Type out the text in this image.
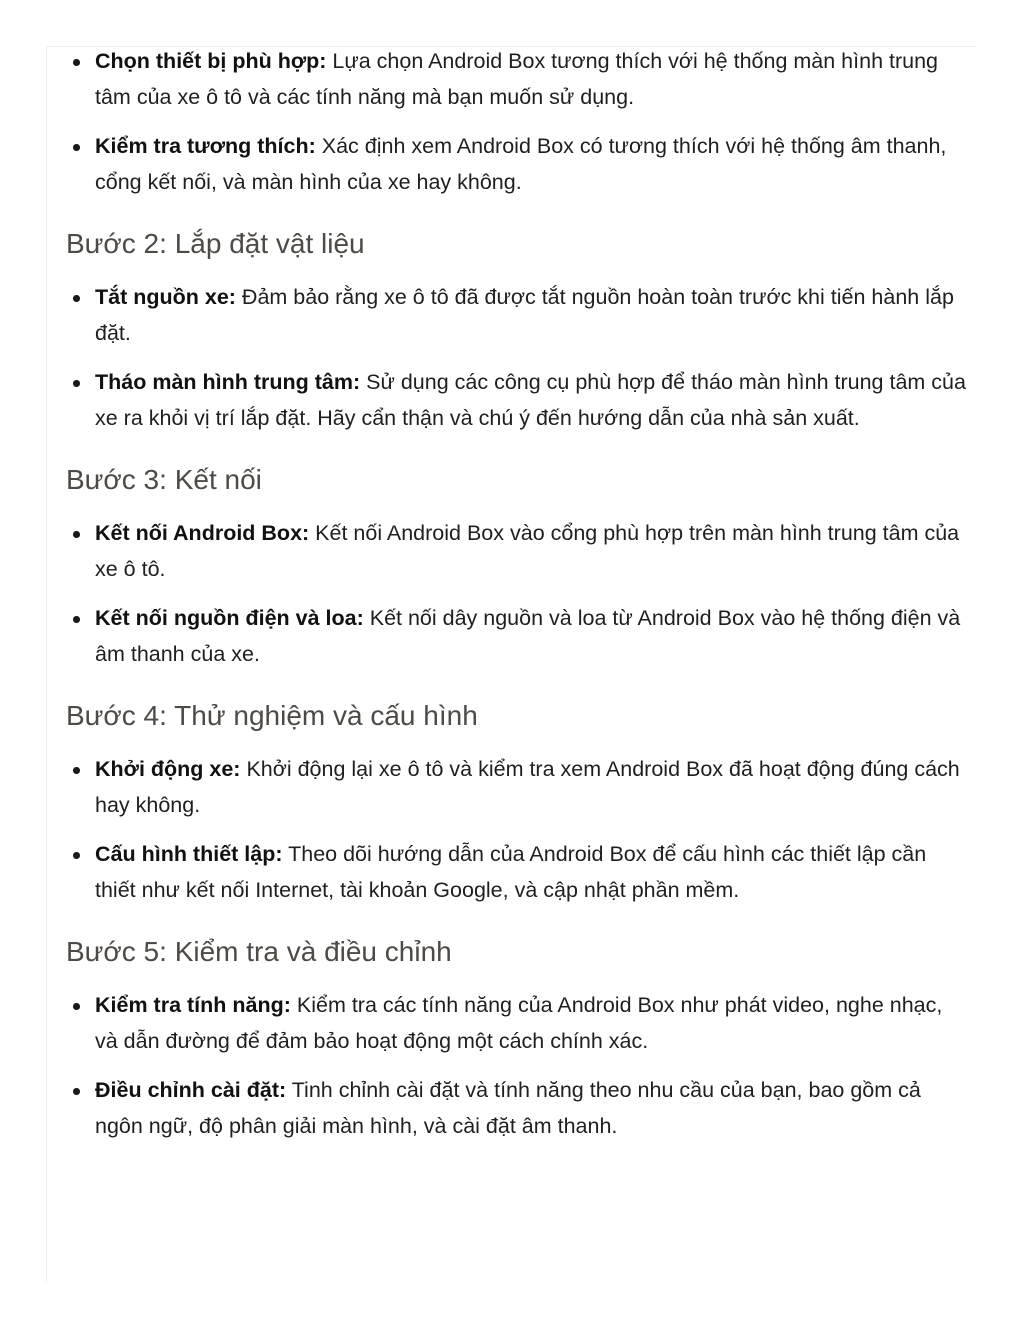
Chọn thiết bị phù hợp: Lựa chọn Android Box tương thích với hệ thống màn hình trung tâm của xe ô tô và các tính năng mà bạn muốn sử dụng.
Kiểm tra tương thích: Xác định xem Android Box có tương thích với hệ thống âm thanh, cổng kết nối, và màn hình của xe hay không.
Bước 2: Lắp đặt vật liệu
Tắt nguồn xe: Đảm bảo rằng xe ô tô đã được tắt nguồn hoàn toàn trước khi tiến hành lắp đặt.
Tháo màn hình trung tâm: Sử dụng các công cụ phù hợp để tháo màn hình trung tâm của xe ra khỏi vị trí lắp đặt. Hãy cẩn thận và chú ý đến hướng dẫn của nhà sản xuất.
Bước 3: Kết nối
Kết nối Android Box: Kết nối Android Box vào cổng phù hợp trên màn hình trung tâm của xe ô tô.
Kết nối nguồn điện và loa: Kết nối dây nguồn và loa từ Android Box vào hệ thống điện và âm thanh của xe.
Bước 4: Thử nghiệm và cấu hình
Khởi động xe: Khởi động lại xe ô tô và kiểm tra xem Android Box đã hoạt động đúng cách hay không.
Cấu hình thiết lập: Theo dõi hướng dẫn của Android Box để cấu hình các thiết lập cần thiết như kết nối Internet, tài khoản Google, và cập nhật phần mềm.
Bước 5: Kiểm tra và điều chỉnh
Kiểm tra tính năng: Kiểm tra các tính năng của Android Box như phát video, nghe nhạc, và dẫn đường để đảm bảo hoạt động một cách chính xác.
Điều chỉnh cài đặt: Tinh chỉnh cài đặt và tính năng theo nhu cầu của bạn, bao gồm cả ngôn ngữ, độ phân giải màn hình, và cài đặt âm thanh.
